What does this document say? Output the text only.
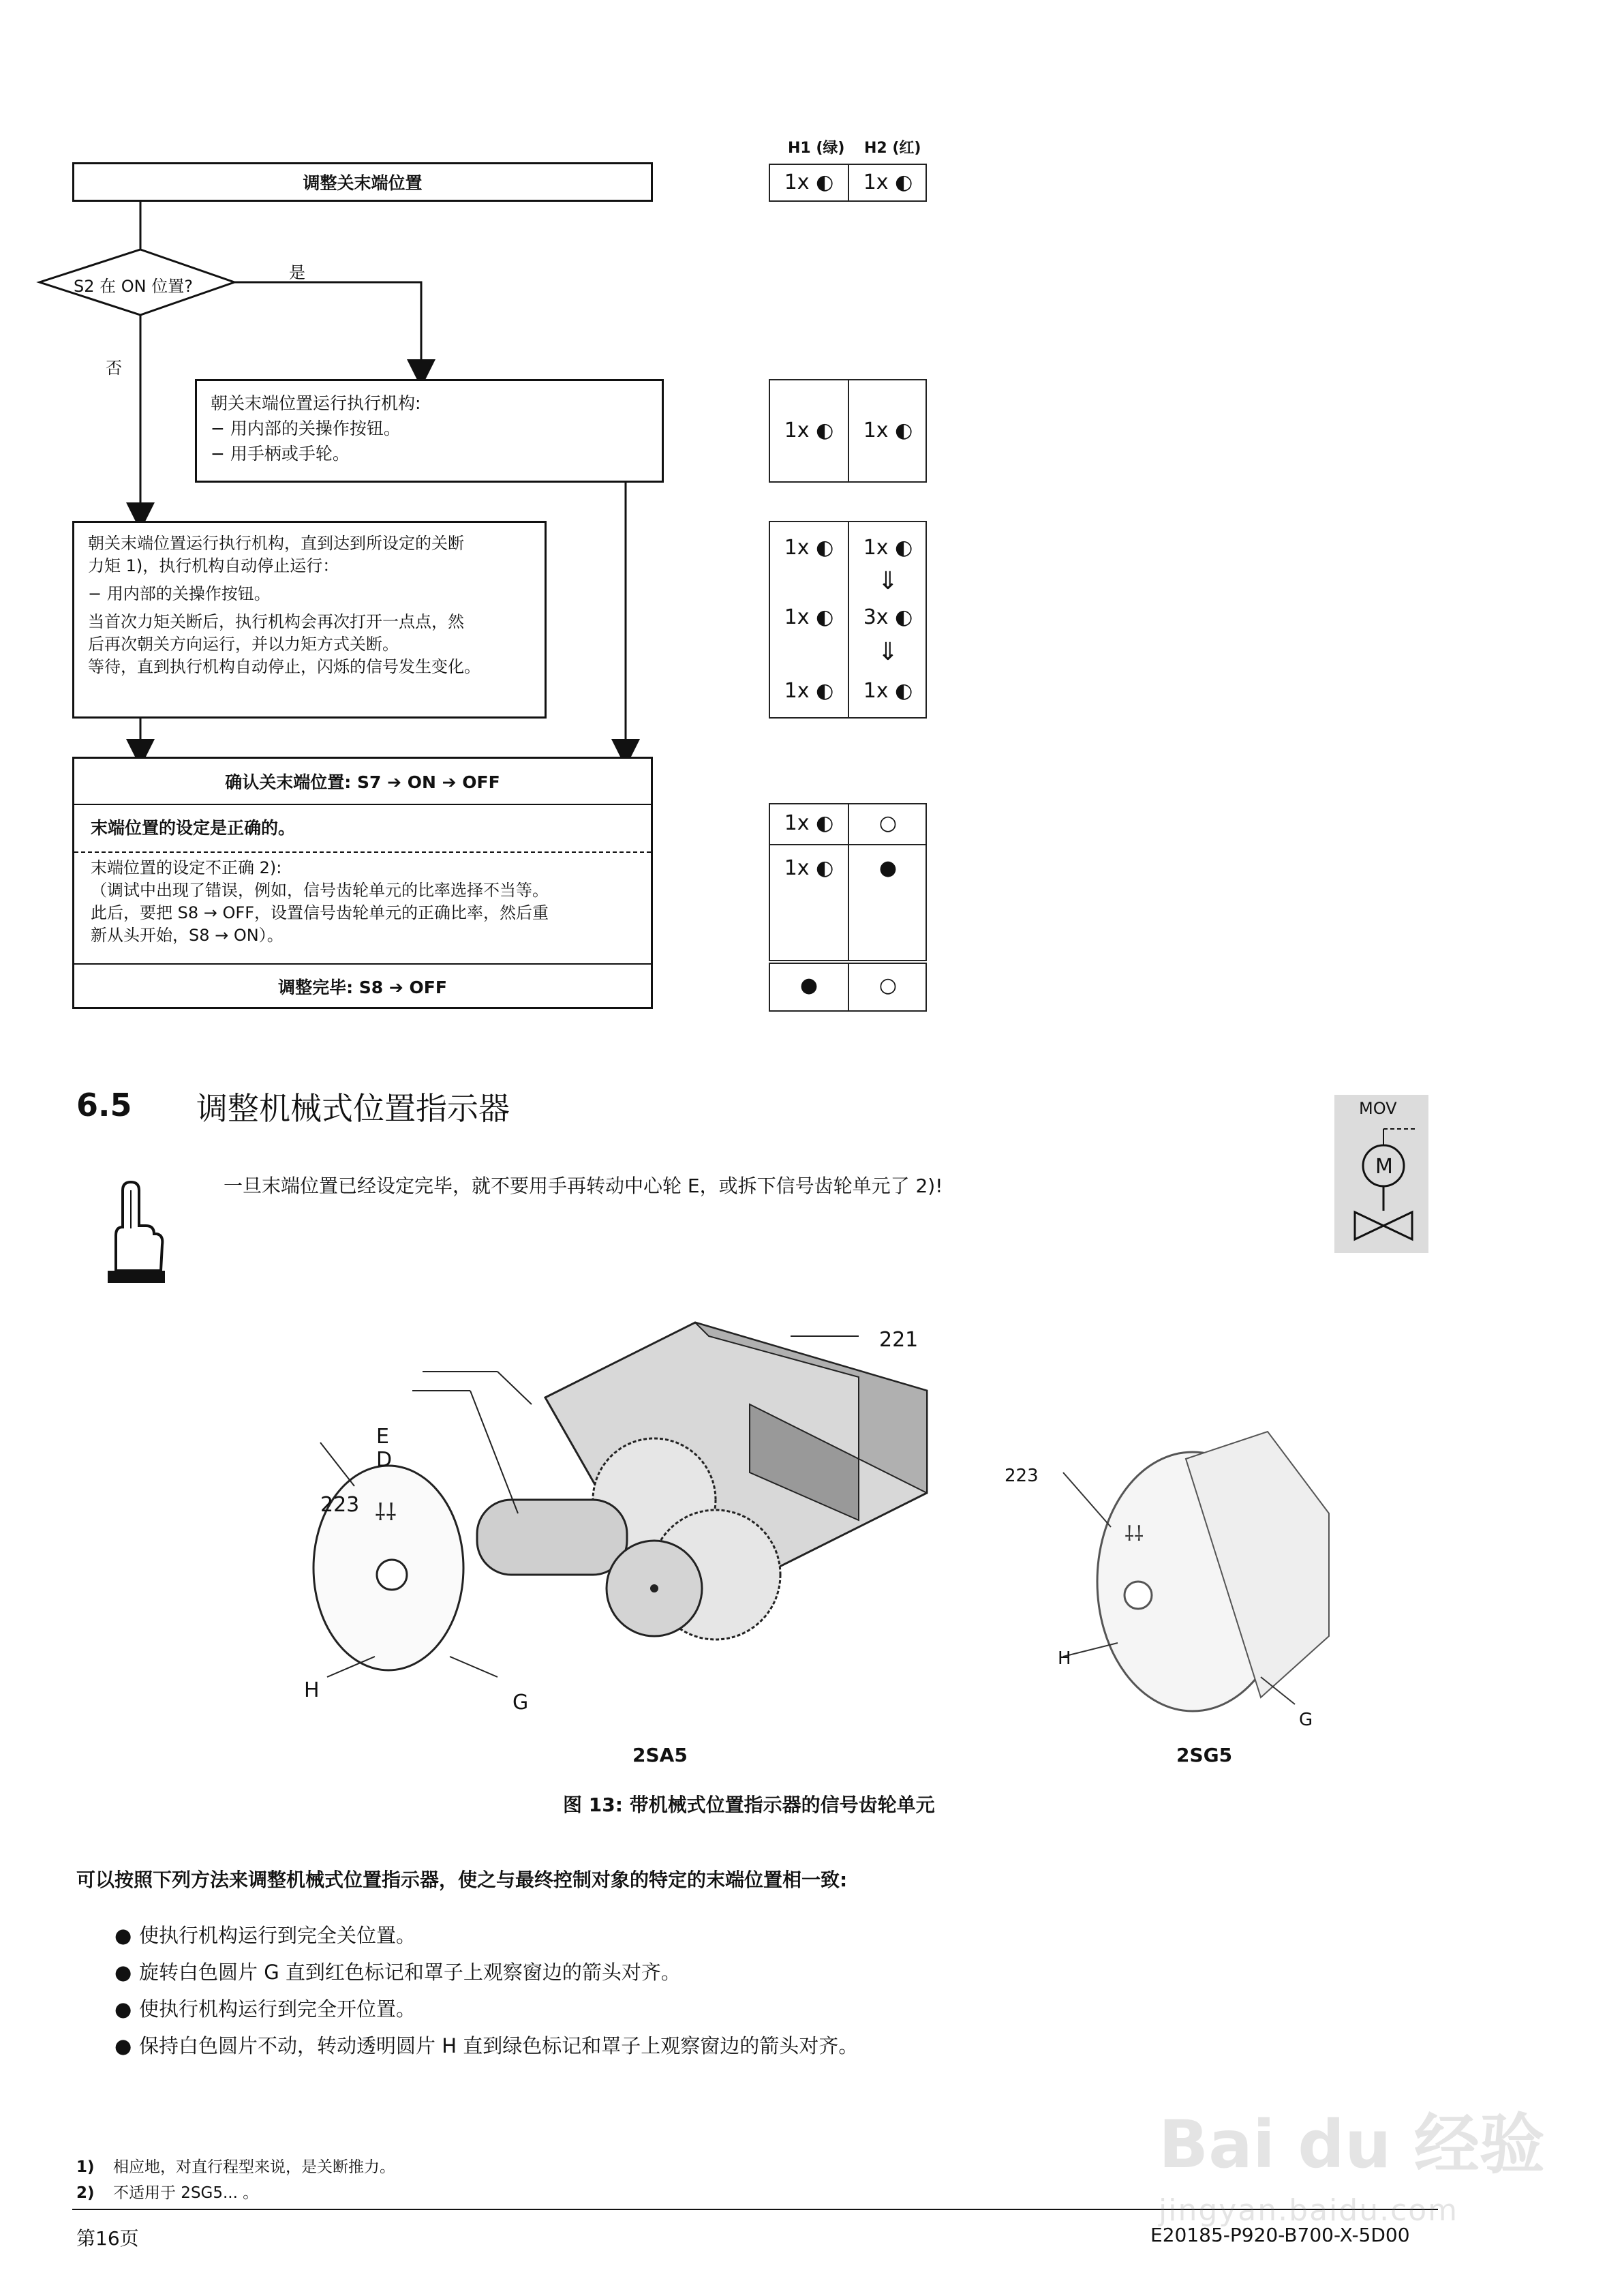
H1 (绿) H2 (红)
调整关末端位置
S2 在 ON 位置?
是
否
朝关末端位置运行执行机构:
− 用内部的关操作按钮。
− 用手柄或手轮。
朝关末端位置运行执行机构，直到达到所设定的关断
力矩 1)，执行机构自动停止运行：
− 用内部的关操作按钮。
当首次力矩关断后，执行机构会再次打开一点点，然
后再次朝关方向运行，并以力矩方式关断。
等待，直到执行机构自动停止，闪烁的信号发生变化。
确认关末端位置: S7 ➔ ON ➔ OFF
末端位置的设定是正确的。
末端位置的设定不正确 2):
（调试中出现了错误，例如，信号齿轮单元的比率选择不当等。
此后，要把 S8 → OFF，设置信号齿轮单元的正确比率，然后重
新从头开始，S8 → ON）。
调整完毕: S8 ➔ OFF
1x ◐	1x ◐
1x ◐	1x ◐
1x ◐	1x ◐
⇓
1x ◐	3x ◐
⇓
1x ◐	1x ◐
1x ◐	○
1x ◐	●
●	○
6.5 调整机械式位置指示器	MOV
M
一旦末端位置已经设定完毕，就不要用手再转动中心轮 E，或拆下信号齿轮单元了 2)!
⸸⸸
221
E
D
223
H
G
⸸⸸
223
H
G
2SA5	2SG5
图 13: 带机械式位置指示器的信号齿轮单元
可以按照下列方法来调整机械式位置指示器，使之与最终控制对象的特定的末端位置相一致:
● 使执行机构运行到完全关位置。
● 旋转白色圆片 G 直到红色标记和罩子上观察窗边的箭头对齐。
● 使执行机构运行到完全开位置。
● 保持白色圆片不动，转动透明圆片 H 直到绿色标记和罩子上观察窗边的箭头对齐。
1) 相应地，对直行程型来说，是关断推力。
2) 不适用于 2SG5... 。
第16页	E20185-P920-B700-X-5D00
Bai du 经验
jingyan.baidu.com
